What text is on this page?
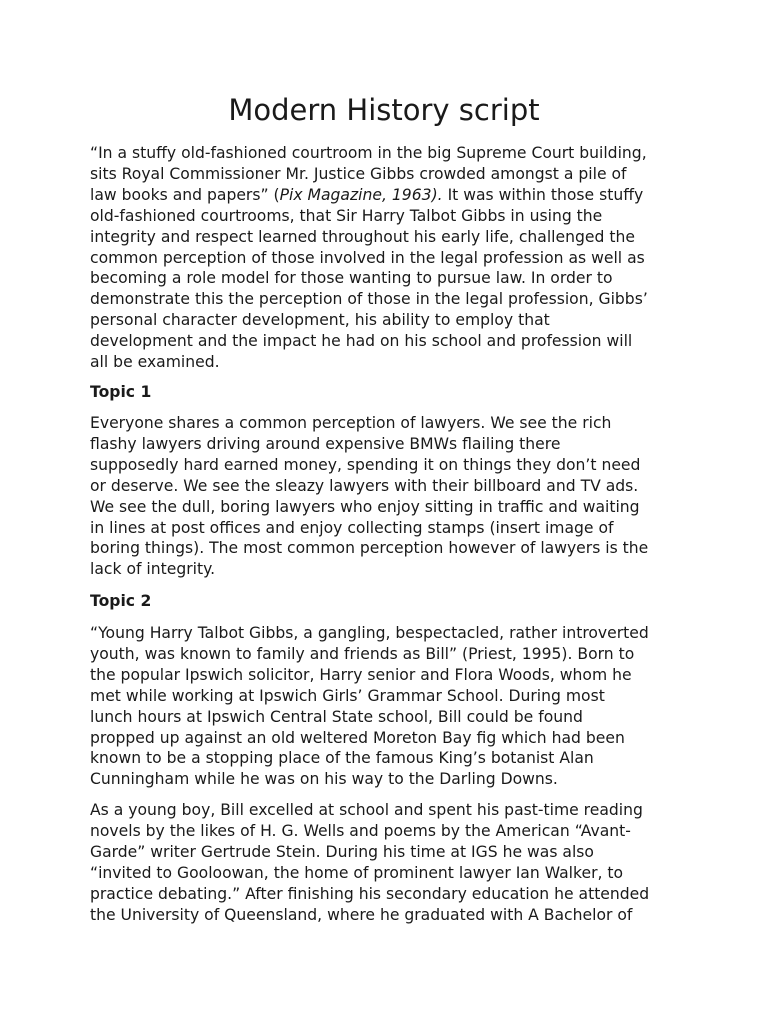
Modern History script

“In a stuffy old-fashioned courtroom in the big Supreme Court building,
sits Royal Commissioner Mr. Justice Gibbs crowded amongst a pile of
law books and papers” (Pix Magazine, 1963). It was within those stuffy
old-fashioned courtrooms, that Sir Harry Talbot Gibbs in using the
integrity and respect learned throughout his early life, challenged the
common perception of those involved in the legal profession as well as
becoming a role model for those wanting to pursue law. In order to
demonstrate this the perception of those in the legal profession, Gibbs’
personal character development, his ability to employ that
development and the impact he had on his school and profession will
all be examined.

Topic 1

Everyone shares a common perception of lawyers. We see the rich
flashy lawyers driving around expensive BMWs flailing there
supposedly hard earned money, spending it on things they don’t need
or deserve. We see the sleazy lawyers with their billboard and TV ads.
We see the dull, boring lawyers who enjoy sitting in traffic and waiting
in lines at post offices and enjoy collecting stamps (insert image of
boring things). The most common perception however of lawyers is the
lack of integrity.

Topic 2

“Young Harry Talbot Gibbs, a gangling, bespectacled, rather introverted
youth, was known to family and friends as Bill” (Priest, 1995). Born to
the popular Ipswich solicitor, Harry senior and Flora Woods, whom he
met while working at Ipswich Girls’ Grammar School. During most
lunch hours at Ipswich Central State school, Bill could be found
propped up against an old weltered Moreton Bay fig which had been
known to be a stopping place of the famous King’s botanist Alan
Cunningham while he was on his way to the Darling Downs.

As a young boy, Bill excelled at school and spent his past-time reading
novels by the likes of H. G. Wells and poems by the American “Avant-
Garde” writer Gertrude Stein. During his time at IGS he was also
“invited to Gooloowan, the home of prominent lawyer Ian Walker, to
practice debating.” After finishing his secondary education he attended
the University of Queensland, where he graduated with A Bachelor of
